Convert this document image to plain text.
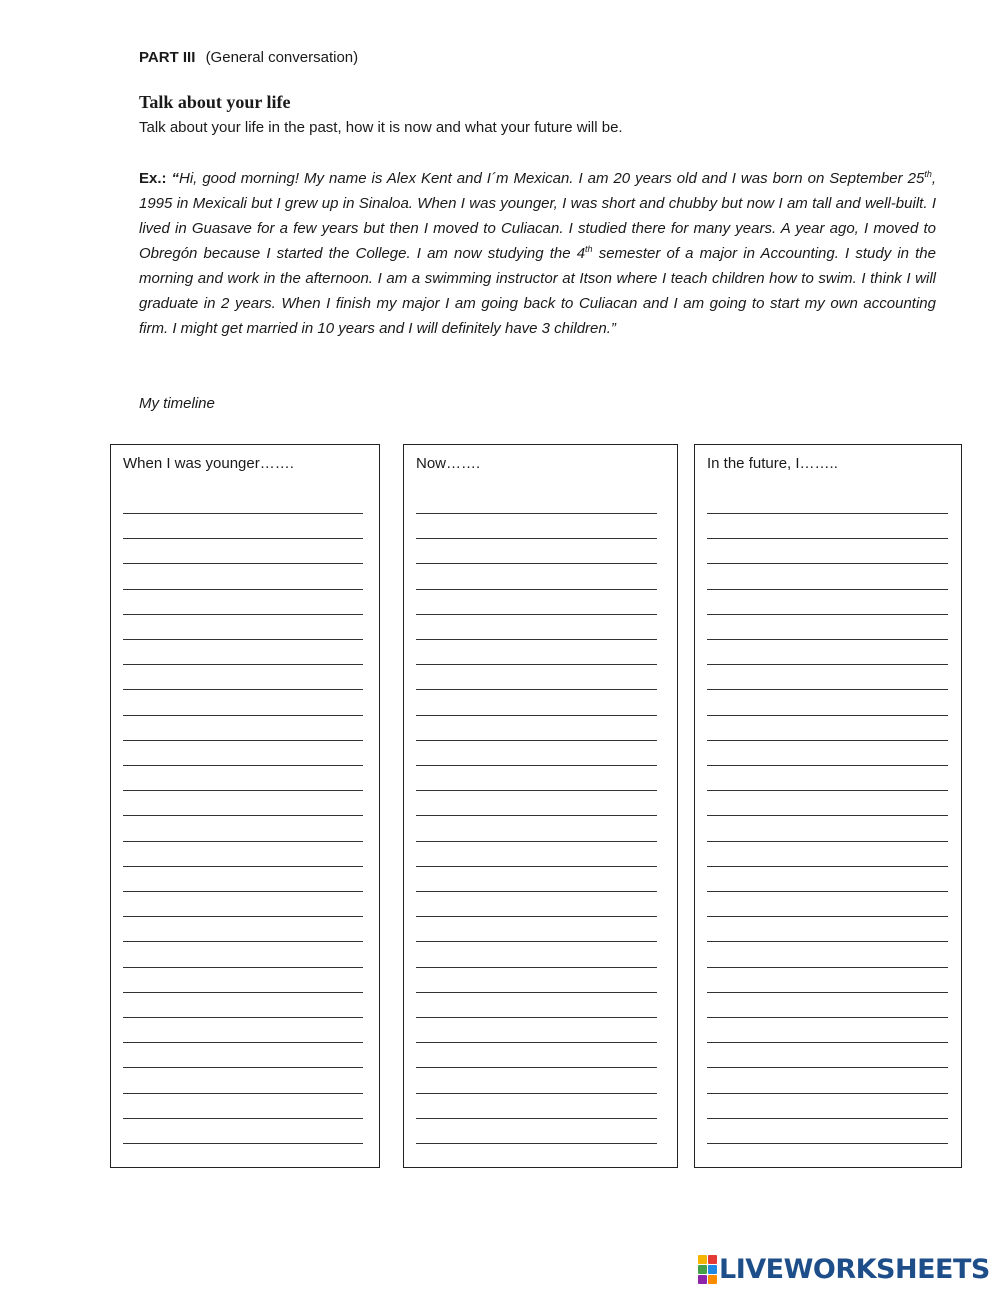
PART III (General conversation)
Talk about your life
Talk about your life in the past, how it is now and what your future will be.

Ex.: “Hi, good morning! My name is Alex Kent and I´m Mexican. I am 20 years old and I was born on September 25th, 1995 in Mexicali but I grew up in Sinaloa. When I was younger, I was short and chubby but now I am tall and well-built. I lived in Guasave for a few years but then I moved to Culiacan. I studied there for many years. A year ago, I moved to Obregón because I started the College. I am now studying the 4th semester of a major in Accounting. I study in the morning and work in the afternoon. I am a swimming instructor at Itson where I teach children how to swim. I think I will graduate in 2 years. When I finish my major I am going back to Culiacan and I am going to start my own accounting firm. I might get married in 10 years and I will definitely have 3 children.”

My timeline
When I was younger…….	Now…….	In the future, I……..
LIVEWORKSHEETS
